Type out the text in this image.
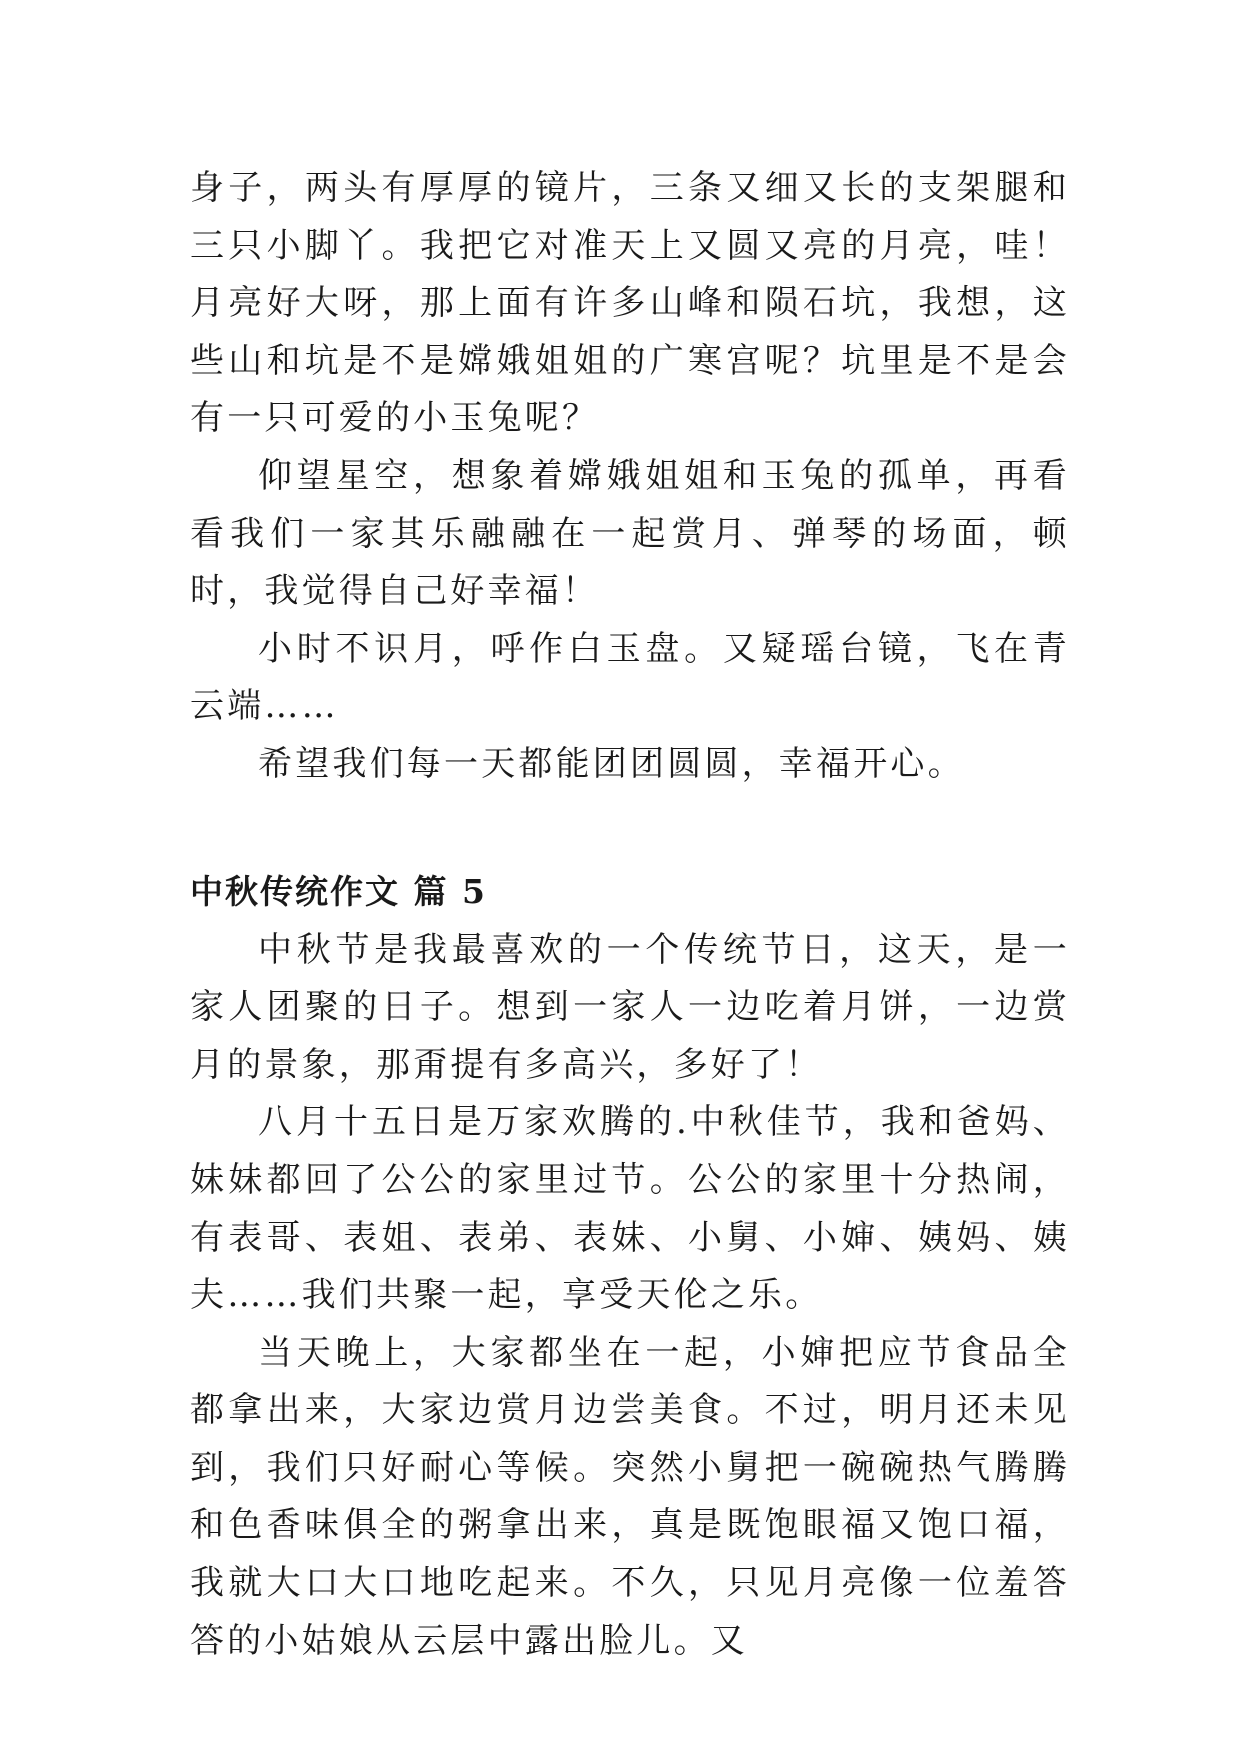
身子，两头有厚厚的镜片，三条又细又长的支架腿和三只小脚丫。我把它对准天上又圆又亮的月亮，哇！月亮好大呀，那上面有许多山峰和陨石坑，我想，这些山和坑是不是嫦娥姐姐的广寒宫呢？坑里是不是会有一只可爱的小玉兔呢？

仰望星空，想象着嫦娥姐姐和玉兔的孤单，再看看我们一家其乐融融在一起赏月、弹琴的场面，顿时，我觉得自己好幸福！

小时不识月，呼作白玉盘。又疑瑶台镜，飞在青云端……

希望我们每一天都能团团圆圆，幸福开心。

中秋传统作文 篇 5

中秋节是我最喜欢的一个传统节日，这天，是一家人团聚的日子。想到一家人一边吃着月饼，一边赏月的景象，那甭提有多高兴，多好了！

八月十五日是万家欢腾的.中秋佳节，我和爸妈、妹妹都回了公公的家里过节。公公的家里十分热闹，有表哥、表姐、表弟、表妹、小舅、小婶、姨妈、姨夫……我们共聚一起，享受天伦之乐。

当天晚上，大家都坐在一起，小婶把应节食品全都拿出来，大家边赏月边尝美食。不过，明月还未见到，我们只好耐心等候。突然小舅把一碗碗热气腾腾和色香味俱全的粥拿出来，真是既饱眼福又饱口福，我就大口大口地吃起来。不久，只见月亮像一位羞答答的小姑娘从云层中露出脸儿。又
